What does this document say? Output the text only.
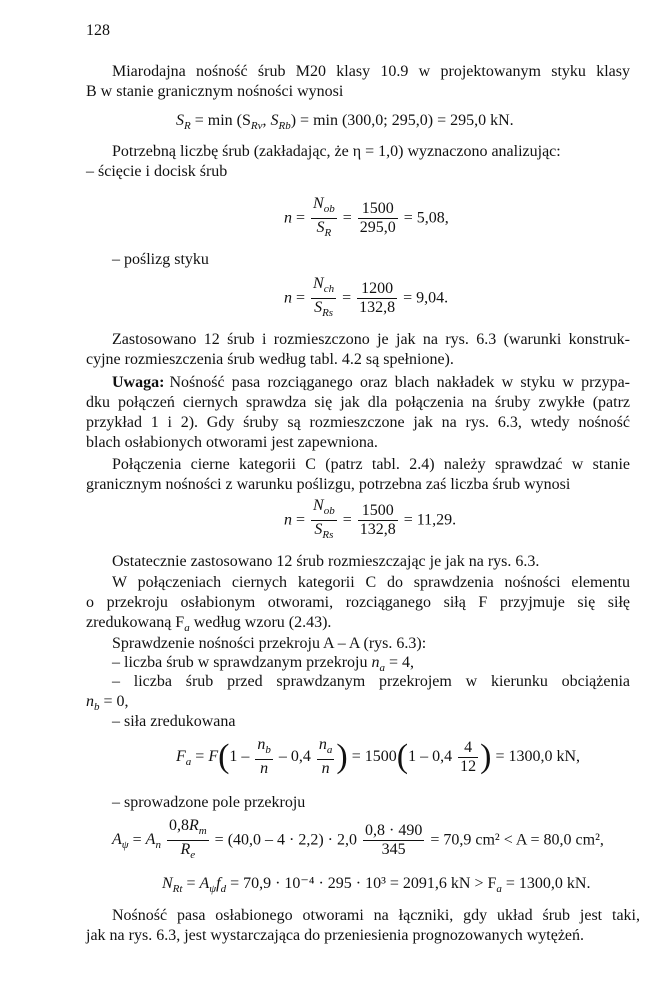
128
Miarodajna nośność śrub M20 klasy 10.9 w projektowanym styku klasy
B w stanie granicznym nośności wynosi
$S_R = \min (S_{Rv}$, $S_{Rb}) = \min (300,0$; 295,0) = 295,0 kN.
Potrzebną liczbę śrub (zakładając, że η = 1,0) wyznaczono analizując:
– ścięcie i docisk śrub
$n = \frac{N_{ob}}{S_R} = \frac{1500}{295,0} = 5,08$,
– poślizg styku
$n = \frac{N_{ch}}{S_{Rs}} = \frac{1200}{132,8} = 9,04$.
Zastosowano 12 śrub i rozmieszczono je jak na rys. 6.3 (warunki konstruk-
cyjne rozmieszczenia śrub według tabl. 4.2 są spełnione).
Uwaga: Nośność pasa rozciąganego oraz blach nakładek w styku w przypa-
dku połączeń ciernych sprawdza się jak dla połączenia na śruby zwykłe (patrz
przykład 1 i 2). Gdy śruby są rozmieszczone jak na rys. 6.3, wtedy nośność
blach osłabionych otworami jest zapewniona.
Połączenia cierne kategorii C (patrz tabl. 2.4) należy sprawdzać w stanie
granicznym nośności z warunku poślizgu, potrzebna zaś liczba śrub wynosi
$n = \frac{N_{ob}}{S_{Rs}} = \frac{1500}{132,8} = 11,29$.
Ostatecznie zastosowano 12 śrub rozmieszczając je jak na rys. 6.3.
W połączeniach ciernych kategorii C do sprawdzenia nośności elementu
o przekroju osłabionym otworami, rozciąganego siłą F przyjmuje się siłę
zredukowaną $F_a$ według wzoru (2.43).
Sprawdzenie nośności przekroju A – A (rys. 6.3):
– liczba śrub w sprawdzanym przekroju $n_a = 4$,
– liczba śrub przed sprawdzanym przekrojem w kierunku obciążenia
$n_b = 0$,
– siła zredukowana
$F_a = F(1 - \frac{n_b}{n} - 0,4 \frac{n_a}{n}$ ) = $1500(1 - 0,4 \frac{4}{12}$ ) = 1300,0 kN,
– sprowadzone pole przekroju
$A_\psi = A_n \frac{0,8R_m}{R_e} = (40,0 - 4 \cdot 2,2) \cdot 2,0 \frac{0,8 \cdot 490}{345} = 70,9$ cm² < A = 80,0 cm²,
$N_{Rt} = A_\psi f_d = 70,9 \cdot 10^{-4} \cdot 295 \cdot 10^3 = 2091,6$ kN > $F_a = 1300,0$ kN.
Nośność pasa osłabionego otworami na łączniki, gdy układ śrub jest taki,
jak na rys. 6.3, jest wystarczająca do przeniesienia prognozowanych wytężeń.
